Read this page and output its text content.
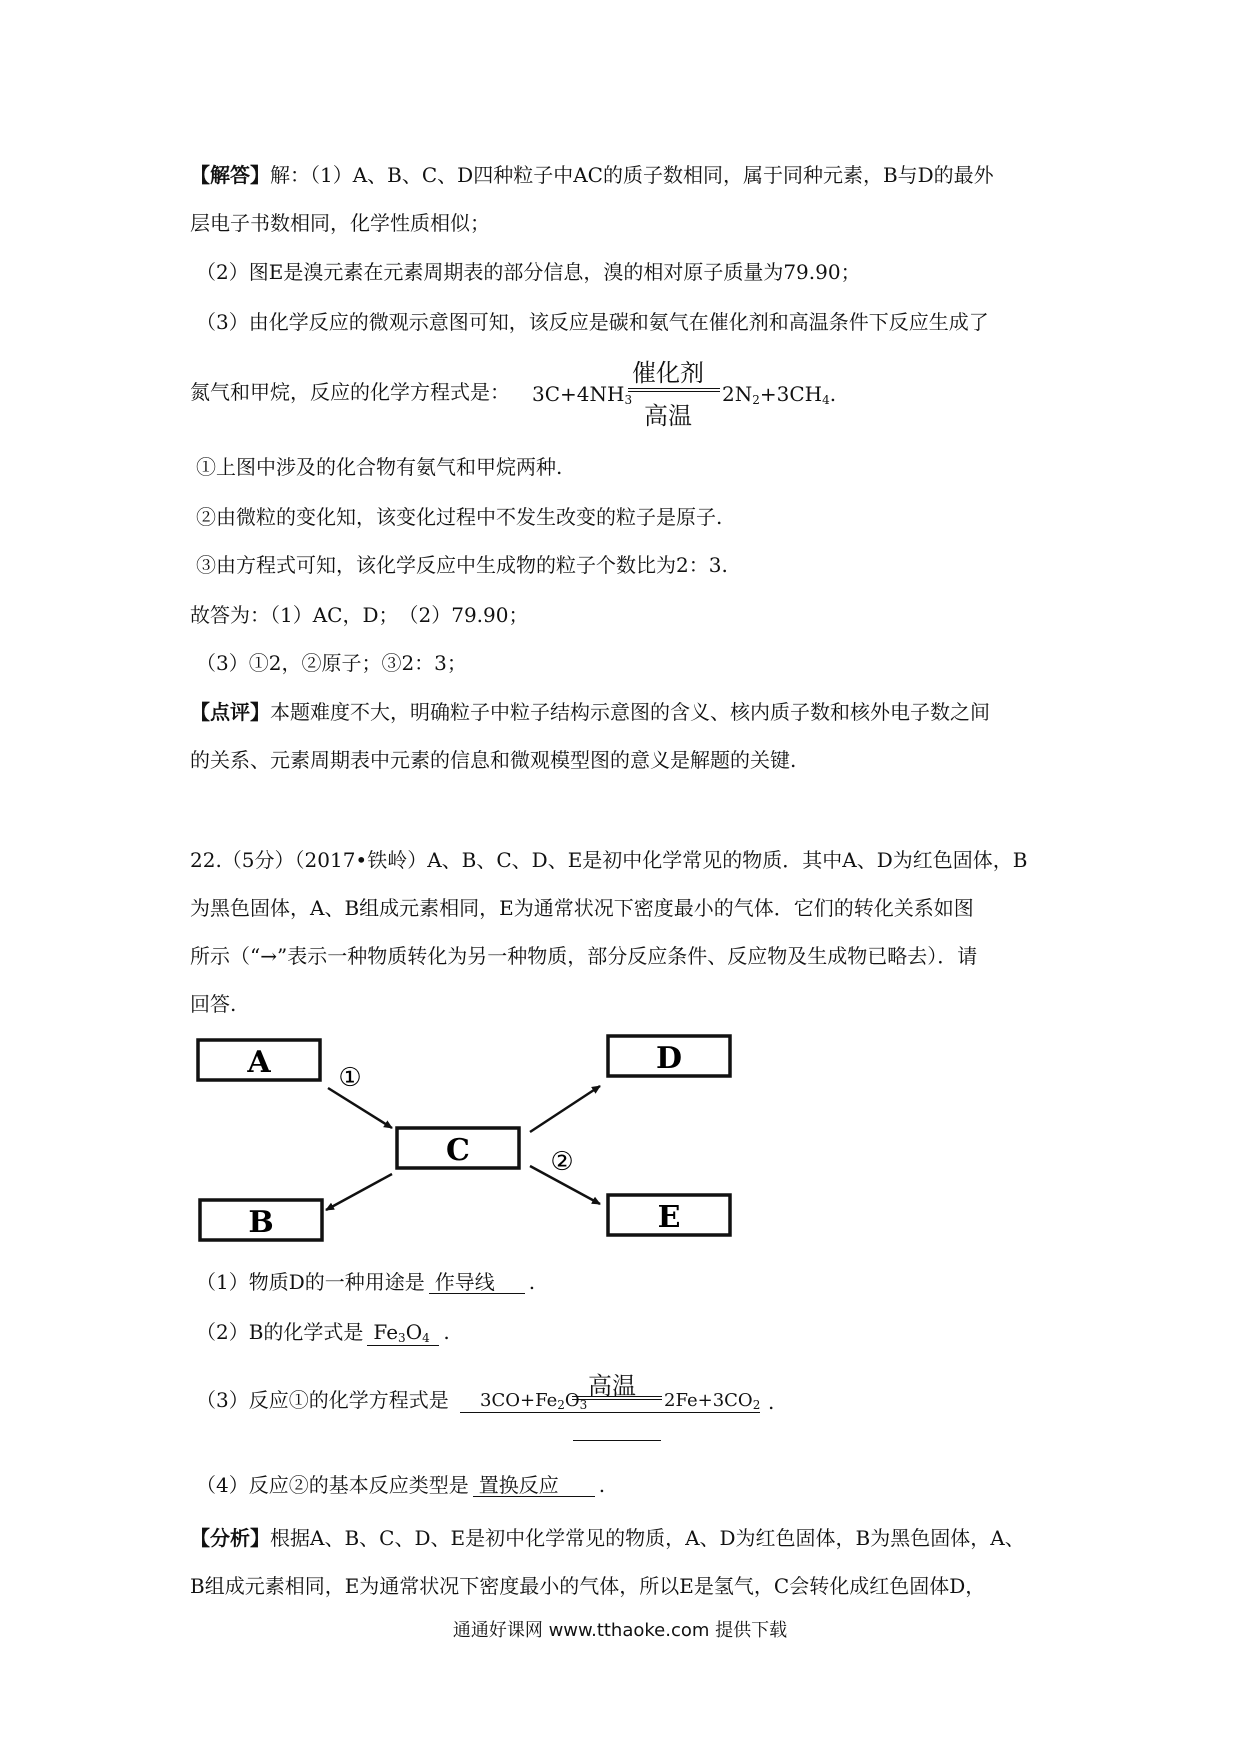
【解答】解：（1）A、B、C、D四种粒子中AC的质子数相同，属于同种元素，B与D的最外
层电子书数相同，化学性质相似；
（2）图E是溴元素在元素周期表的部分信息，溴的相对原子质量为79.90；
（3）由化学反应的微观示意图可知，该反应是碳和氨气在催化剂和高温条件下反应生成了
氮气和甲烷，反应的化学方程式是： $3C+4NH_3$
催化剂
高温
$2N_2+3CH_4$.
①上图中涉及的化合物有氨气和甲烷两种.
②由微粒的变化知，该变化过程中不发生改变的粒子是原子.
③由方程式可知，该化学反应中生成物的粒子个数比为2：3.
故答为：（1）AC，D；　（2）79.90；
（3）①2，②原子；③2：3；
【点评】本题难度不大，明确粒子中粒子结构示意图的含义、核内质子数和核外电子数之间
的关系、元素周期表中元素的信息和微观模型图的意义是解题的关键.
22.（5分）（2017•铁岭）A、B、C、D、E是初中化学常见的物质．其中A、D为红色固体，B
为黑色固体，A、B组成元素相同，E为通常状况下密度最小的气体．它们的转化关系如图
所示（“→”表示一种物质转化为另一种物质，部分反应条件、反应物及生成物已略去）．请
回答.
A
C
D
B	E
①
②
（1）物质D的一种用途是 作导线 .
（2）B的化学式是 $Fe_3O_4$ .
（3）反应①的化学方程式是 $3CO+Fe_2O_3$
高温
$2Fe+3CO_2$ .
（4）反应②的基本反应类型是 置换反应 .
【分析】根据A、B、C、D、E是初中化学常见的物质，A、D为红色固体，B为黑色固体，A、
B组成元素相同，E为通常状况下密度最小的气体，所以E是氢气，C会转化成红色固体D，
通通好课网 www.tthaoke.com 提供下载
